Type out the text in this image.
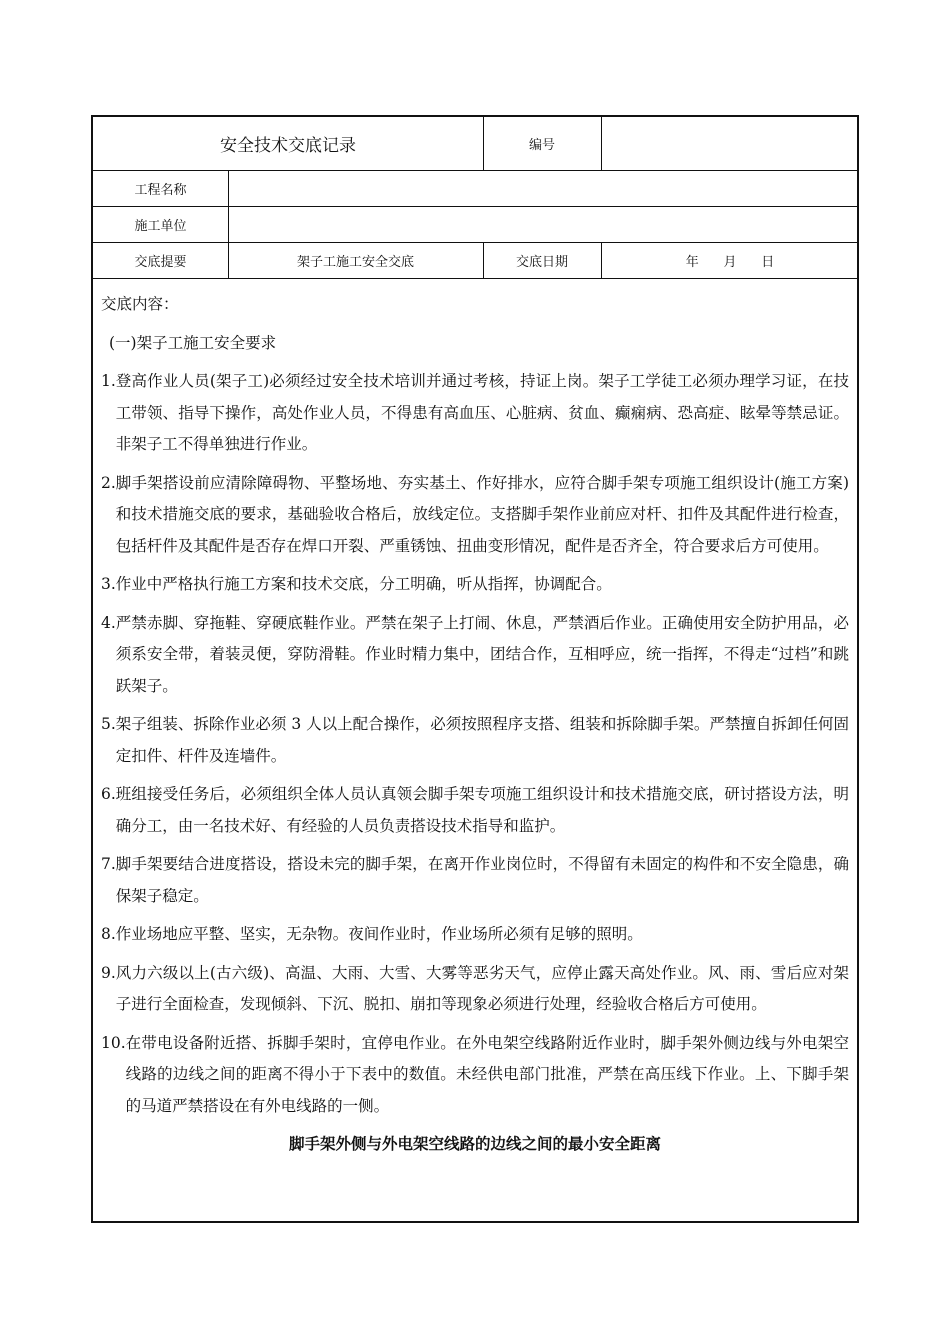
安全技术交底记录	编号
工程名称
施工单位
交底提要	架子工施工安全交底	交底日期	年      月      日
交底内容：
(一)架子工施工安全要求
1. 登高作业人员(架子工)必须经过安全技术培训并通过考核，持证上岗。架子工学徒工必须办理学习证，在技工带领、指导下操作，高处作业人员，不得患有高血压、心脏病、贫血、癫痫病、恐高症、眩晕等禁忌证。非架子工不得单独进行作业。
2. 脚手架搭设前应清除障碍物、平整场地、夯实基土、作好排水，应符合脚手架专项施工组织设计(施工方案)和技术措施交底的要求，基础验收合格后，放线定位。支搭脚手架作业前应对杆、扣件及其配件进行检查，包括杆件及其配件是否存在焊口开裂、严重锈蚀、扭曲变形情况，配件是否齐全，符合要求后方可使用。
3. 作业中严格执行施工方案和技术交底，分工明确，听从指挥，协调配合。
4. 严禁赤脚、穿拖鞋、穿硬底鞋作业。严禁在架子上打闹、休息，严禁酒后作业。正确使用安全防护用品，必须系安全带，着装灵便，穿防滑鞋。作业时精力集中，团结合作，互相呼应，统一指挥，不得走“过档”和跳跃架子。
5. 架子组装、拆除作业必须 3 人以上配合操作，必须按照程序支搭、组装和拆除脚手架。严禁擅自拆卸任何固定扣件、杆件及连墙件。
6. 班组接受任务后，必须组织全体人员认真领会脚手架专项施工组织设计和技术措施交底，研讨搭设方法，明确分工，由一名技术好、有经验的人员负责搭设技术指导和监护。
7. 脚手架要结合进度搭设，搭设未完的脚手架，在离开作业岗位时，不得留有未固定的构件和不安全隐患，确保架子稳定。
8. 作业场地应平整、坚实，无杂物。夜间作业时，作业场所必须有足够的照明。
9. 风力六级以上(古六级)、高温、大雨、大雪、大雾等恶劣天气，应停止露天高处作业。风、雨、雪后应对架子进行全面检查，发现倾斜、下沉、脱扣、崩扣等现象必须进行处理，经验收合格后方可使用。
10. 在带电设备附近搭、拆脚手架时，宜停电作业。在外电架空线路附近作业时，脚手架外侧边线与外电架空线路的边线之间的距离不得小于下表中的数值。未经供电部门批准，严禁在高压线下作业。上、下脚手架的马道严禁搭设在有外电线路的一侧。
脚手架外侧与外电架空线路的边线之间的最小安全距离
